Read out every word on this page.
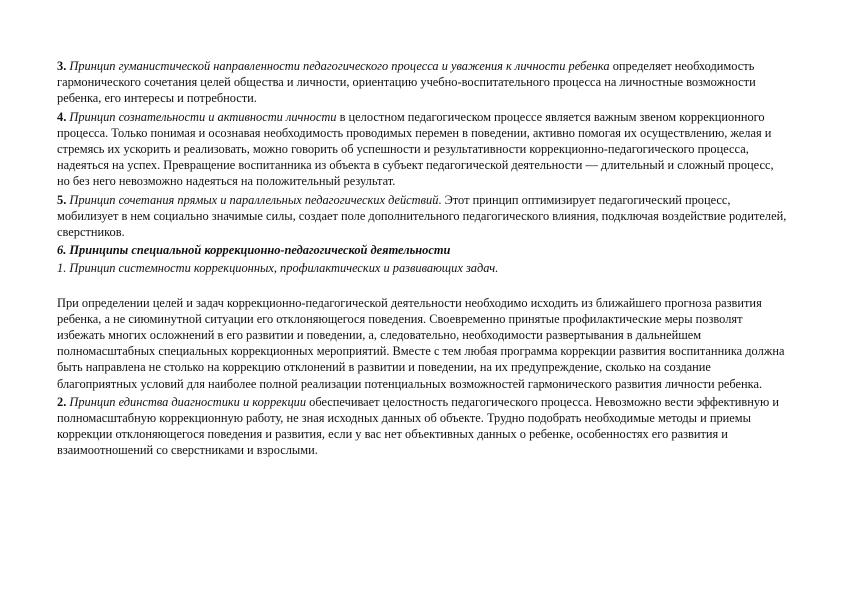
3. Принцип гуманистической направленности педагогического процесса и уважения к личности ребенка определяет необходимость гармонического сочетания целей общества и личности, ориентацию учебно-воспитательного процесса на личностные возможности ребенка, его интересы и потребности.

4. Принцип сознательности и активности личности в целостном педагогическом процессе является важным звеном коррекционного процесса. Только понимая и осознавая необходимость проводимых перемен в поведении, активно помогая их осуществлению, желая и стремясь их ускорить и реализовать, можно говорить об успешности и результативности коррекционно-педагогического процесса, надеяться на успех. Превращение воспитанника из объекта в субъект педагогической деятельности — длительный и сложный процесс, но без него невозможно надеяться на положительный результат.

5. Принцип сочетания прямых и параллельных педагогических действий. Этот принцип оптимизирует педагогический процесс, мобилизует в нем социально значимые силы, создает поле дополнительного педагогического влияния, подключая воздействие родителей, сверстников.

6. Принципы специальной коррекционно-педагогической деятельности

1. Принцип системности коррекционных, профилактических и развивающих задач.

При определении целей и задач коррекционно-педагогической деятельности необходимо исходить из ближайшего прогноза развития ребенка, а не сиюминутной ситуации его отклоняющегося поведения. Своевременно принятые профилактические меры позволят избежать многих осложнений в его развитии и поведении, а, следовательно, необходимости развертывания в дальнейшем полномасштабных специальных коррекционных мероприятий. Вместе с тем любая программа коррекции развития воспитанника должна быть направлена не столько на коррекцию отклонений в развитии и поведении, на их предупреждение, сколько на создание благоприятных условий для наиболее полной реализации потенциальных возможностей гармонического развития личности ребенка.

2. Принцип единства диагностики и коррекции обеспечивает целостность педагогического процесса. Невозможно вести эффективную и полномасштабную коррекционную работу, не зная исходных данных об объекте. Трудно подобрать необходимые методы и приемы коррекции отклоняющегося поведения и развития, если у вас нет объективных данных о ребенке, особенностях его развития и взаимоотношений со сверстниками и взрослыми.
